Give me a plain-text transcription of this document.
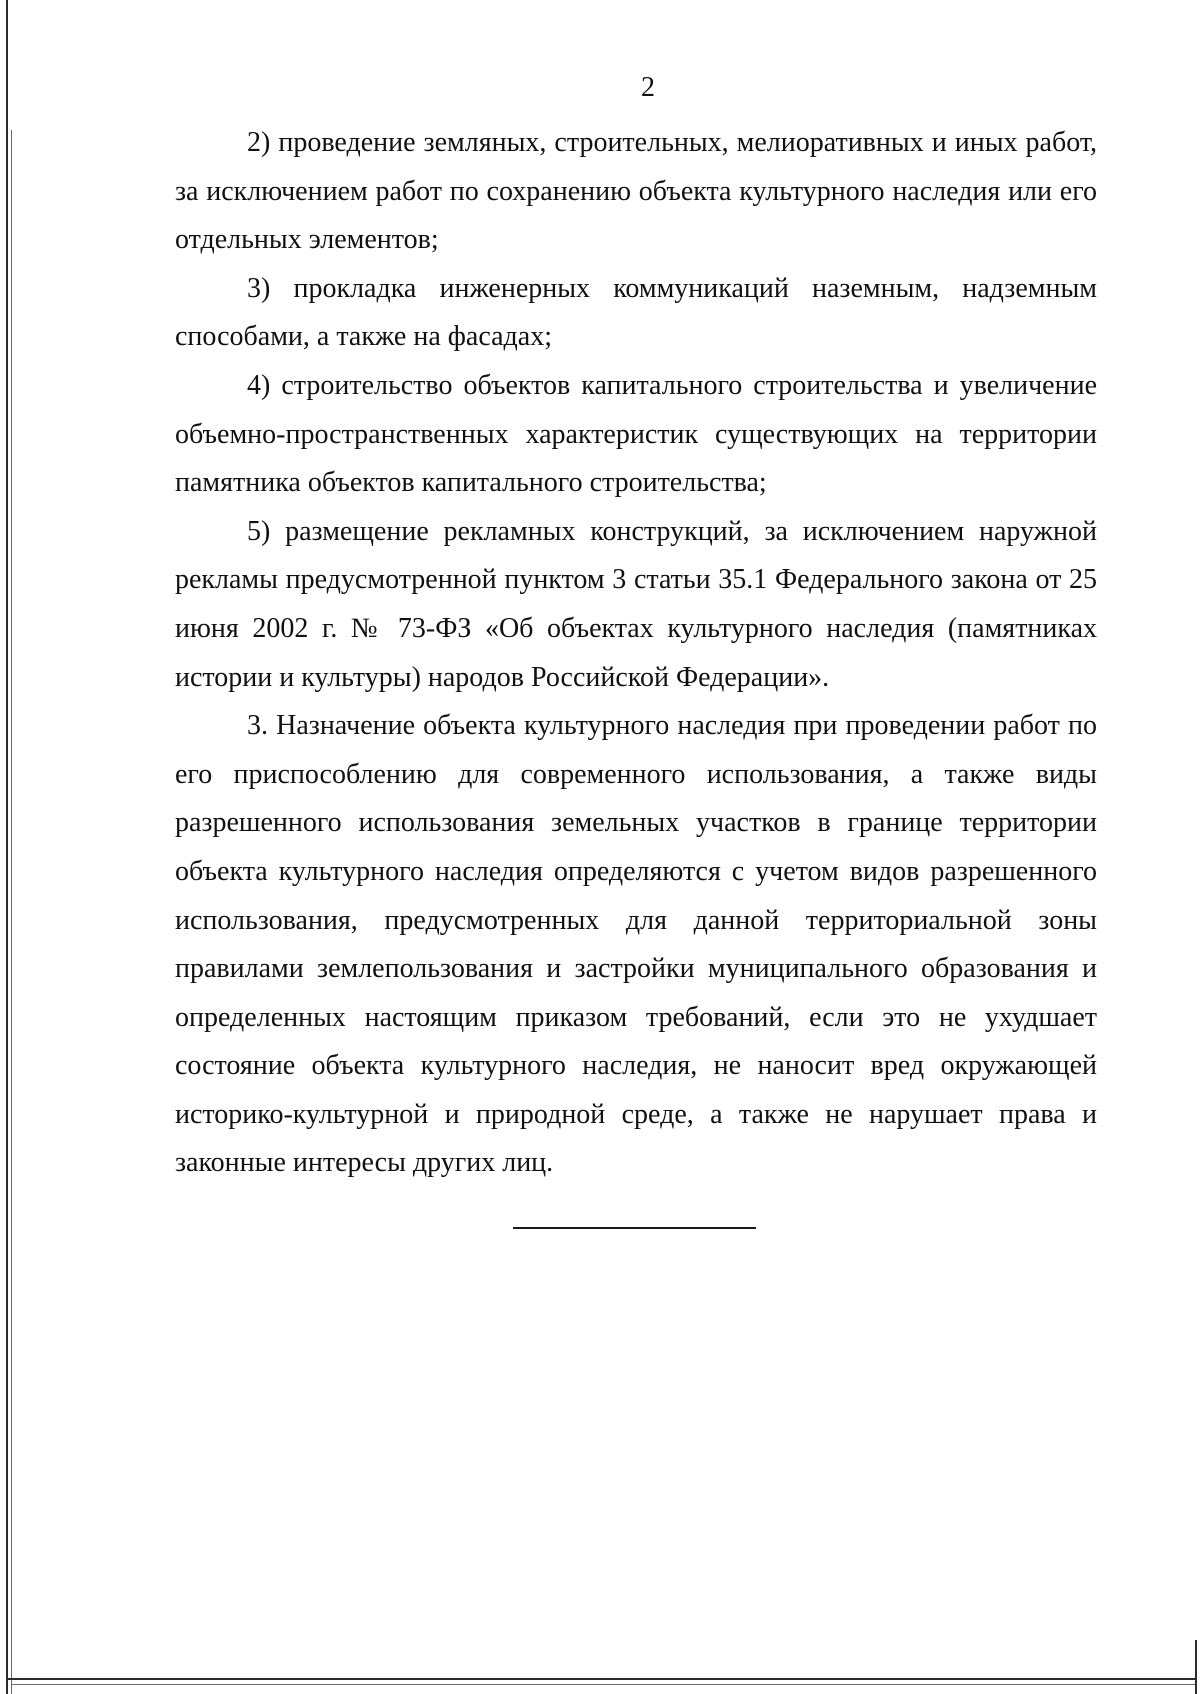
2

2) проведение земляных, строительных, мелиоративных и иных работ, за исключением работ по сохранению объекта культурного наследия или его отдельных элементов;

3) прокладка инженерных коммуникаций наземным, надземным способами, а также на фасадах;

4) строительство объектов капитального строительства и увеличение объемно-пространственных характеристик существующих на территории памятника объектов капитального строительства;

5) размещение рекламных конструкций, за исключением наружной рекламы предусмотренной пунктом 3 статьи 35.1 Федерального закона от 25 июня 2002 г. № 73-ФЗ «Об объектах культурного наследия (памятниках истории и культуры) народов Российской Федерации».

3. Назначение объекта культурного наследия при проведении работ по его приспособлению для современного использования, а также виды разрешенного использования земельных участков в границе территории объекта культурного наследия определяются с учетом видов разрешенного использования, предусмотренных для данной территориальной зоны правилами землепользования и застройки муниципального образования и определенных настоящим приказом требований, если это не ухудшает состояние объекта культурного наследия, не наносит вред окружающей историко-культурной и природной среде, а также не нарушает права и законные интересы других лиц.
